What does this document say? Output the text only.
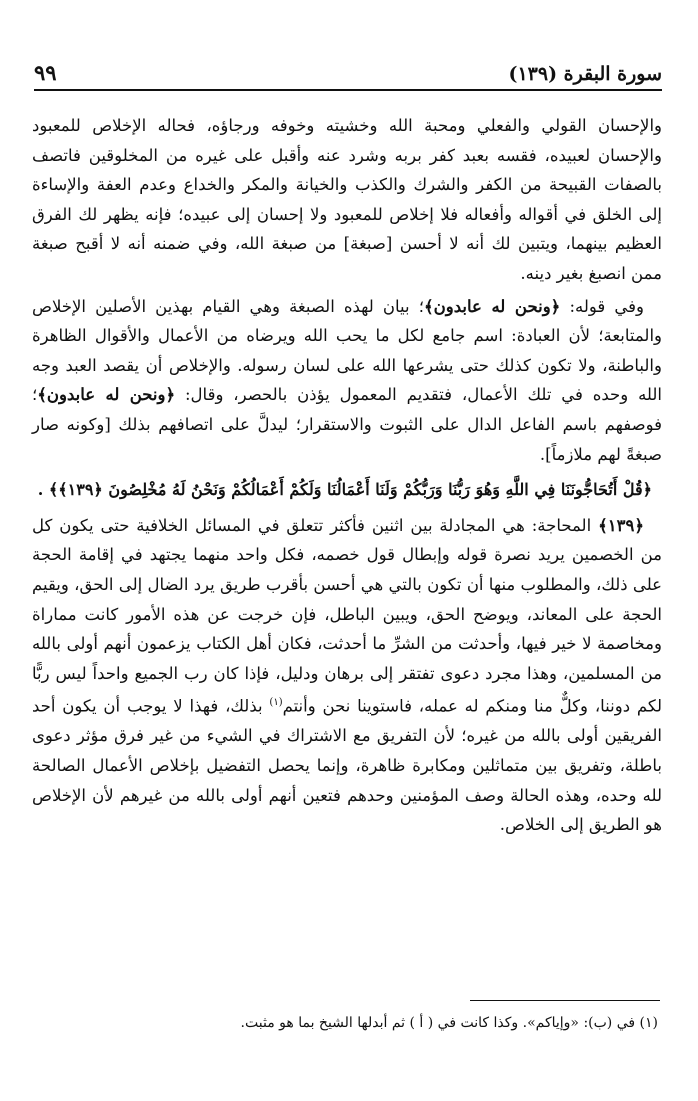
سورة البقرة (١٣٩)
٩٩

والإحسان القولي والفعلي ومحبة الله وخشيته وخوفه ورجاؤه، فحاله الإخلاص للمعبود والإحسان لعبيده، فقسه بعبد كفر بربه وشرد عنه وأقبل على غيره من المخلوقين فاتصف بالصفات القبيحة من الكفر والشرك والكذب والخيانة والمكر والخداع وعدم العفة والإساءة إلى الخلق في أقواله وأفعاله فلا إخلاص للمعبود ولا إحسان إلى عبيده؛ فإنه يظهر لك الفرق العظيم بينهما، ويتبين لك أنه لا أحسن [صبغة] من صبغة الله، وفي ضمنه أنه لا أقبح صبغة ممن انصبغ بغير دينه.

وفي قوله: ﴿ونحن له عابدون﴾؛ بيان لهذه الصبغة وهي القيام بهذين الأصلين الإخلاص والمتابعة؛ لأن العبادة: اسم جامع لكل ما يحب الله ويرضاه من الأعمال والأقوال الظاهرة والباطنة، ولا تكون كذلك حتى يشرعها الله على لسان رسوله. والإخلاص أن يقصد العبد وجه الله وحده في تلك الأعمال، فتقديم المعمول يؤذن بالحصر، وقال: ﴿ونحن له عابدون﴾؛ فوصفهم باسم الفاعل الدال على الثبوت والاستقرار؛ ليدلَّ على اتصافهم بذلك [وكونه صار صبغةً لهم ملازماً].

﴿قُلْ أَتُحَاجُّونَنَا فِي اللَّهِ وَهُوَ رَبُّنَا وَرَبُّكُمْ وَلَنَا أَعْمَالُنَا وَلَكُمْ أَعْمَالُكُمْ وَنَحْنُ لَهُ مُخْلِصُونَ ﴿١٣٩﴾﴾ .

﴿١٣٩﴾ المحاجة: هي المجادلة بين اثنين فأكثر تتعلق في المسائل الخلافية حتى يكون كل من الخصمين يريد نصرة قوله وإبطال قول خصمه، فكل واحد منهما يجتهد في إقامة الحجة على ذلك، والمطلوب منها أن تكون بالتي هي أحسن بأقرب طريق يرد الضال إلى الحق، ويقيم الحجة على المعاند، ويوضح الحق، ويبين الباطل، فإن خرجت عن هذه الأمور كانت مماراة ومخاصمة لا خير فيها، وأحدثت من الشرِّ ما أحدثت، فكان أهل الكتاب يزعمون أنهم أولى بالله من المسلمين، وهذا مجرد دعوى تفتقر إلى برهان ودليل، فإذا كان رب الجميع واحداً ليس ربًّا لكم دوننا، وكلٌّ منا ومنكم له عمله، فاستوينا نحن وأنتم$^{(١)}$ بذلك، فهذا لا يوجب أن يكون أحد الفريقين أولى بالله من غيره؛ لأن التفريق مع الاشتراك في الشيء من غير فرق مؤثر دعوى باطلة، وتفريق بين متماثلين ومكابرة ظاهرة، وإنما يحصل التفضيل بإخلاص الأعمال الصالحة لله وحده، وهذه الحالة وصف المؤمنين وحدهم فتعين أنهم أولى بالله من غيرهم لأن الإخلاص هو الطريق إلى الخلاص.

(١) في (ب): «وإياكم». وكذا كانت في ( أ ) ثم أبدلها الشيخ بما هو مثبت.
